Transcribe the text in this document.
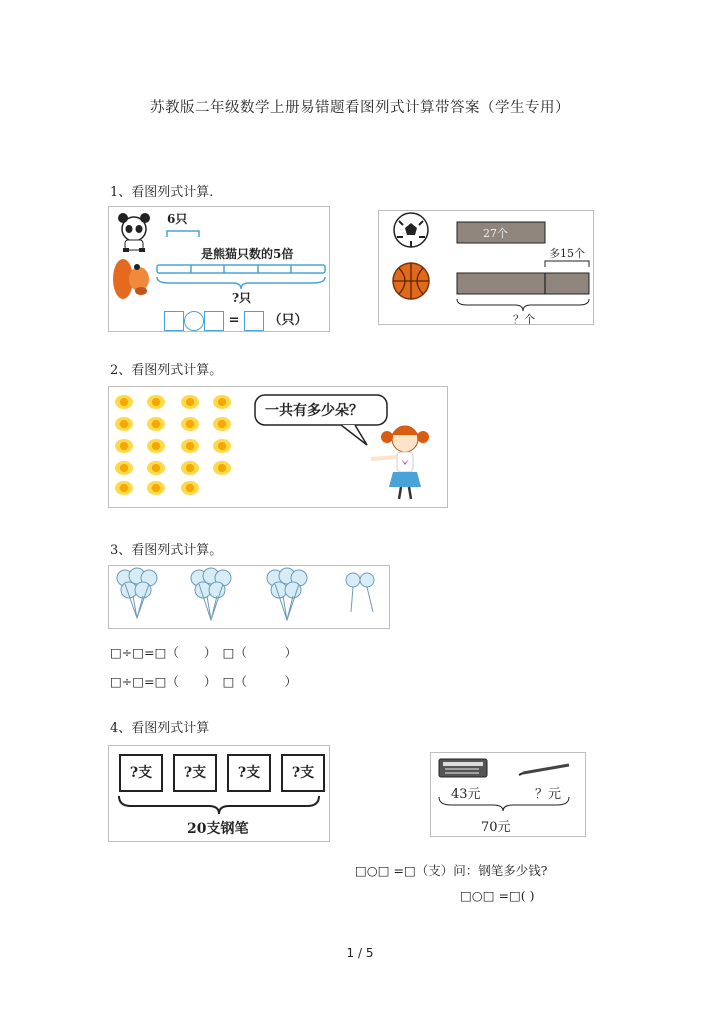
苏教版二年级数学上册易错题看图列式计算带答案（学生专用）
1、看图列式计算.
6只
是熊猫只数的5倍
?只
= （只）
27个
多15个
？个
2、看图列式计算。
一共有多少朵？
3、看图列式计算。
□÷□=□（　　）　□（　　　）
□÷□=□（　　）　□（　　　）
4、看图列式计算
?支	?支	?支	?支
20支钢笔
43元	？元
70元
□○□ =□（支）问：钢笔多少钱?
□○□ =□( )
1 / 5
